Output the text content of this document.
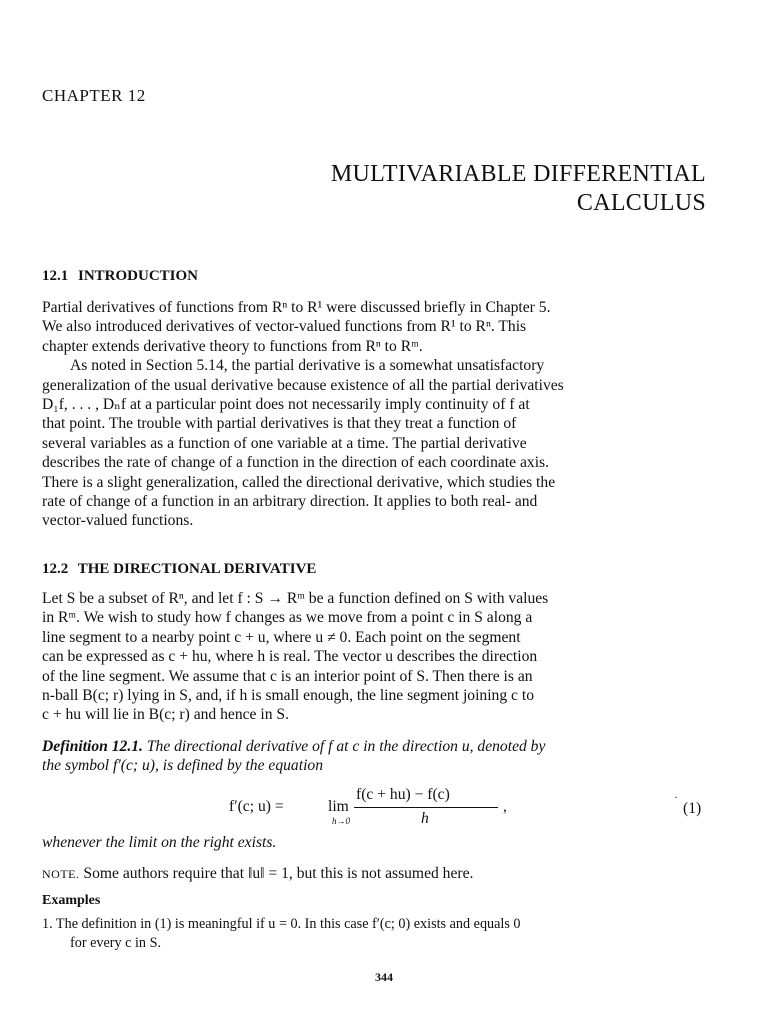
CHAPTER 12
MULTIVARIABLE DIFFERENTIAL
CALCULUS
12.1 INTRODUCTION
Partial derivatives of functions from Rⁿ to R¹ were discussed briefly in Chapter 5.
We also introduced derivatives of vector-valued functions from R¹ to Rⁿ. This
chapter extends derivative theory to functions from Rⁿ to Rᵐ.
As noted in Section 5.14, the partial derivative is a somewhat unsatisfactory
generalization of the usual derivative because existence of all the partial derivatives
D₁f, . . . , Dₙf at a particular point does not necessarily imply continuity of f at
that point. The trouble with partial derivatives is that they treat a function of
several variables as a function of one variable at a time. The partial derivative
describes the rate of change of a function in the direction of each coordinate axis.
There is a slight generalization, called the directional derivative, which studies the
rate of change of a function in an arbitrary direction. It applies to both real- and
vector-valued functions.
12.2 THE DIRECTIONAL DERIVATIVE
Let S be a subset of Rⁿ, and let f : S → Rᵐ be a function defined on S with values
in Rᵐ. We wish to study how f changes as we move from a point c in S along a
line segment to a nearby point c + u, where u ≠ 0. Each point on the segment
can be expressed as c + hu, where h is real. The vector u describes the direction
of the line segment. We assume that c is an interior point of S. Then there is an
n-ball B(c; r) lying in S, and, if h is small enough, the line segment joining c to
c + hu will lie in B(c; r) and hence in S.
Definition 12.1. The directional derivative of f at c in the direction u, denoted by
the symbol f′(c; u), is defined by the equation
f′(c; u) =	lim
h→0
f(c + hu) − f(c)
h
,
·
(1)
whenever the limit on the right exists.
NOTE. Some authors require that ‖u‖ = 1, but this is not assumed here.
Examples
1. The definition in (1) is meaningful if u = 0. In this case f′(c; 0) exists and equals 0
for every c in S.
344
